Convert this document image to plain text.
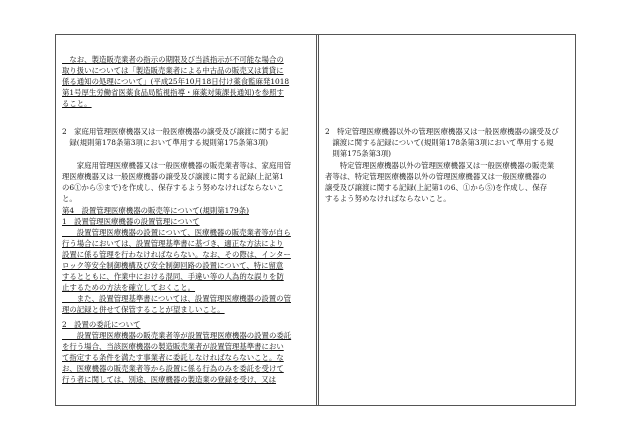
　なお、製造販売業者の指示の期限及び当該指示が不可能な場合の
取り扱いについては「製造販売業者による中古品の販売又は賃貸に
係る通知の処理について」(平成25年10月18日付け薬食監麻発1018
第1号厚生労働省医薬食品局監視指導・麻薬対策課長通知)を参照す
ること。
2　家庭用管理医療機器又は一般医療機器の譲受及び譲渡に関する記
　録(規則第178条第3項において準用する規則第175条第3項)
　　家庭用管理医療機器又は一般医療機器の販売業者等は、家庭用管
理医療機器又は一般医療機器の譲受及び譲渡に関する記録(上記第1
の6①から⑤まで)を作成し、保存するよう努めなければならないこ
と。
第4　設置管理医療機器の販売等について(規則第179条)
1　設置管理医療機器の設置管理について
　　設置管理医療機器の設置について、医療機器の販売業者等が自ら
行う場合においては、設置管理基準書に基づき、適正な方法により
設置に係る管理を行わなければならない。なお、その際は、インター
ロック等安全制御機構及び安全制御回路の設置について、特に留意
するとともに、作業中における混同、手違い等の人為的な誤りを防
止するための方法を確立しておくこと。
　　また、設置管理基準書については、設置管理医療機器の設置の管
理の記録と併せて保管することが望ましいこと。
2　設置の委託について
　　設置管理医療機器の販売業者等が設置管理医療機器の設置の委託
を行う場合、当該医療機器の製造販売業者が設置管理基準書におい
て指定する条件を満たす事業者に委託しなければならないこと。な
お、医療機器の販売業者等から設置に係る行為のみを委託を受けて
行う者に関しては、別途、医療機器の製造業の登録を受け、又は
2　特定管理医療機器以外の管理医療機器又は一般医療機器の譲受及び
　譲渡に関する記録について(規則第178条第3項において準用する規
　則第175条第3項)
　　特定管理医療機器以外の管理医療機器又は一般医療機器の販売業
者等は、特定管理医療機器以外の管理医療機器又は一般医療機器の
譲受及び譲渡に関する記録(上記第1の6、①から⑤)を作成し、保存
するよう努めなければならないこと。
